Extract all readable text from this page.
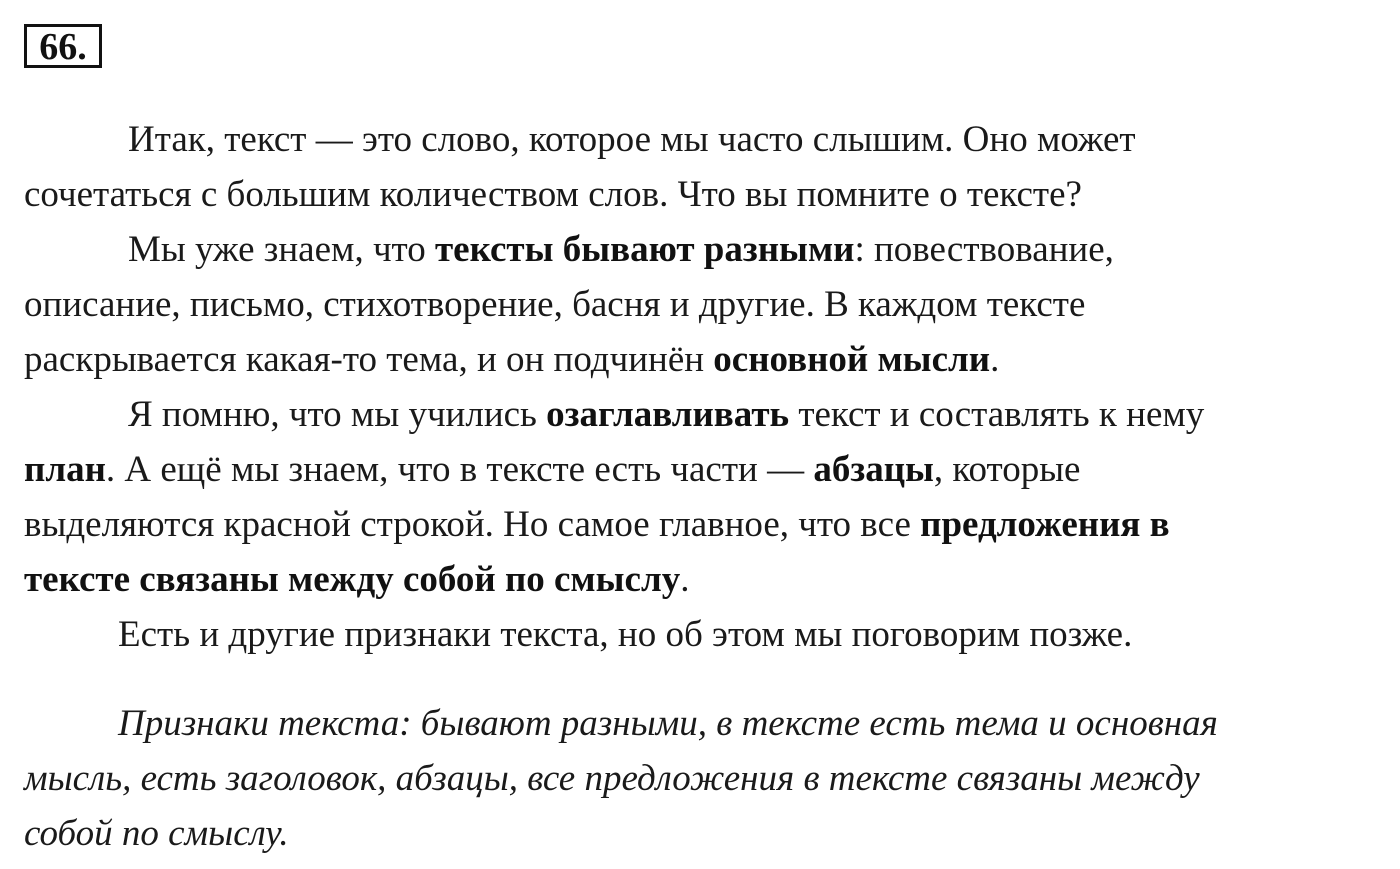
66.

Итак, текст — это слово, которое мы часто слышим. Оно может
сочетаться с большим количеством слов. Что вы помните о тексте?

Мы уже знаем, что тексты бывают разными: повествование,
описание, письмо, стихотворение, басня и другие. В каждом тексте
раскрывается какая-то тема, и он подчинён основной мысли.

Я помню, что мы учились озаглавливать текст и составлять к нему
план. А ещё мы знаем, что в тексте есть части — абзацы, которые
выделяются красной строкой. Но самое главное, что все предложения в
тексте связаны между собой по смыслу.

Есть и другие признаки текста, но об этом мы поговорим позже.

Признаки текста: бывают разными, в тексте есть тема и основная
мысль, есть заголовок, абзацы, все предложения в тексте связаны между
собой по смыслу.
